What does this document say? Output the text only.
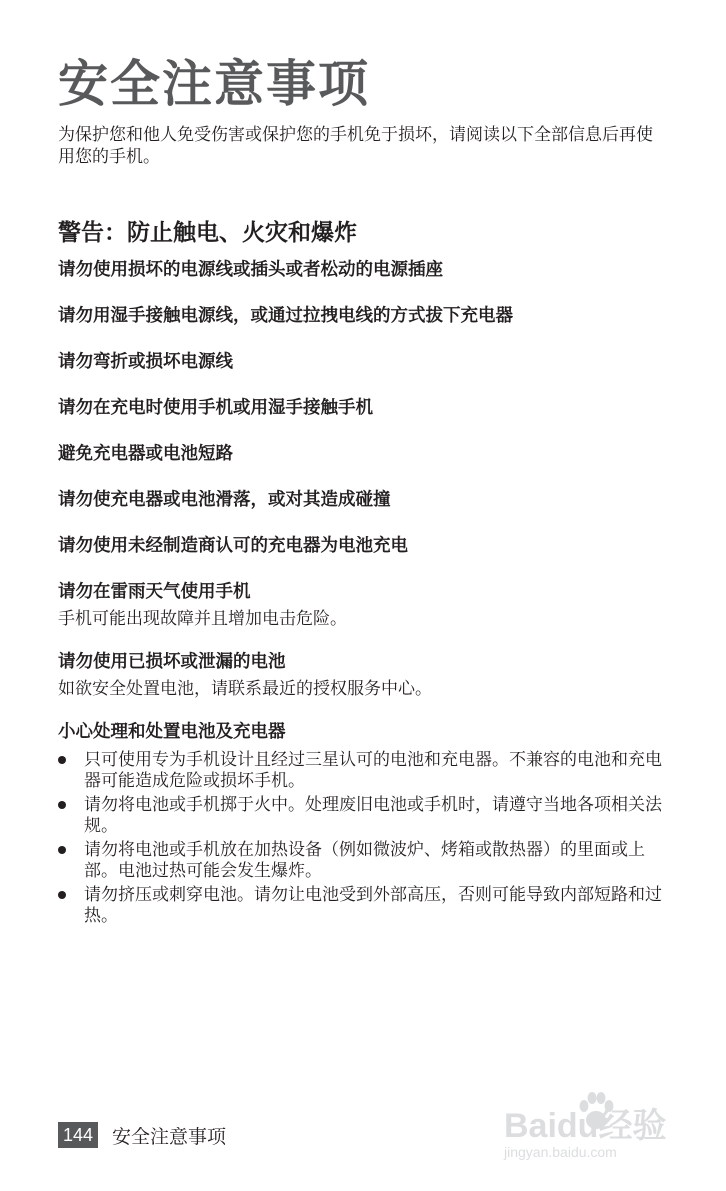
安全注意事项

为保护您和他人免受伤害或保护您的手机免于损坏，请阅读以下全部信息后再使用您的手机。

警告：防止触电、火灾和爆炸

请勿使用损坏的电源线或插头或者松动的电源插座

请勿用湿手接触电源线，或通过拉拽电线的方式拔下充电器

请勿弯折或损坏电源线

请勿在充电时使用手机或用湿手接触手机

避免充电器或电池短路

请勿使充电器或电池滑落，或对其造成碰撞

请勿使用未经制造商认可的充电器为电池充电

请勿在雷雨天气使用手机

手机可能出现故障并且增加电击危险。

请勿使用已损坏或泄漏的电池

如欲安全处置电池，请联系最近的授权服务中心。

小心处理和处置电池及充电器

只可使用专为手机设计且经过三星认可的电池和充电器。不兼容的电池和充电器可能造成危险或损坏手机。
请勿将电池或手机掷于火中。处理废旧电池或手机时，请遵守当地各项相关法规。
请勿将电池或手机放在加热设备（例如微波炉、烤箱或散热器）的里面或上部。电池过热可能会发生爆炸。
请勿挤压或刺穿电池。请勿让电池受到外部高压，否则可能导致内部短路和过热。
144 安全注意事项	Baidu经验
jingyan.baidu.com
